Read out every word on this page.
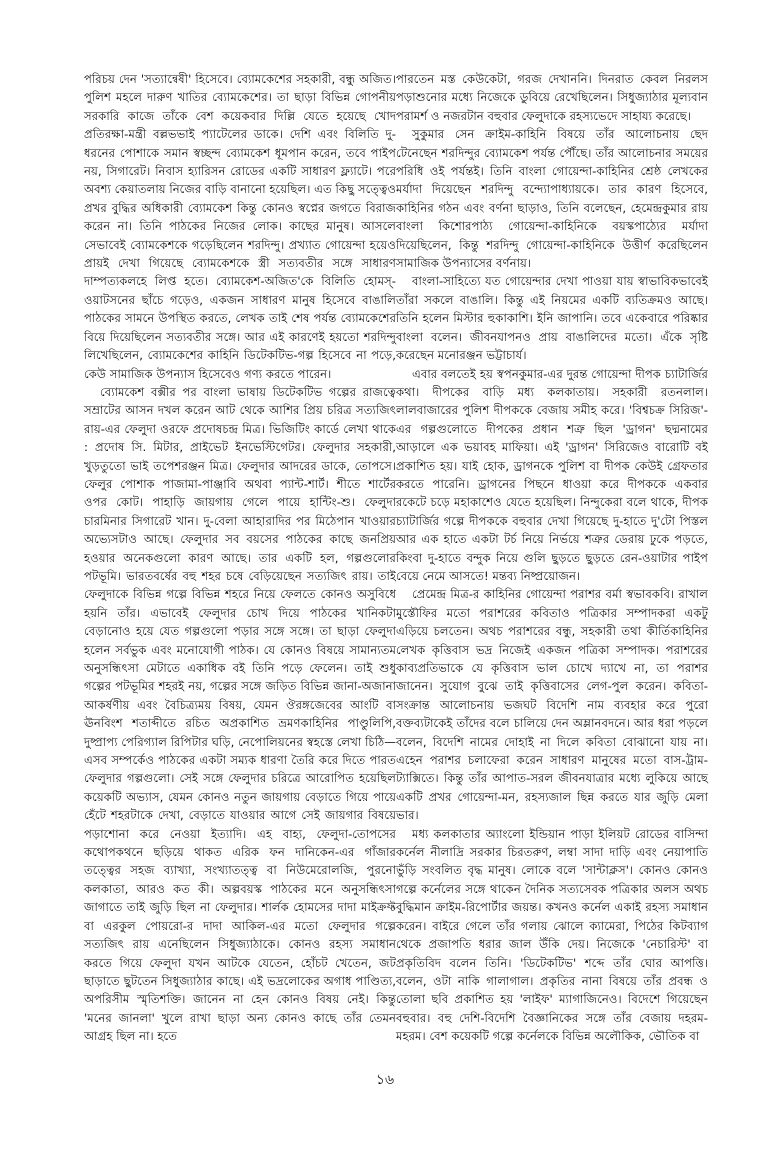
পরিচয় দেন 'সত্যান্বেষী' হিসেবে। ব্যোমকেশের সহকারী, বন্ধু অজিত। পুলিশ মহলে দারুণ খাতির ব্যোমকেশের। তা ছাড়া বিভিন্ন গোপনীয় সরকারি কাজে তাঁকে বেশ কয়েকবার দিল্লি যেতে হয়েছে খোদ প্রতিরক্ষা-মন্ত্রী বল্লভভাই প্যাটেলের ডাকে। দেশি এবং বিলিতি দু-ধরনের পোশাকে সমান স্বচ্ছন্দ ব্যোমকেশ ধূমপান করেন, তবে পাইপ নয়, সিগারেট। নিবাস হ্যারিসন রোডের একটি সাধারণ ফ্ল্যাটে। পরে অবশ্য কেয়াতলায় নিজের বাড়ি বানানো হয়েছিল। এত কিছু সত্ত্বেও প্রখর বুদ্ধির অধিকারী ব্যোমকেশ কিন্তু কোনও স্বপ্নের জগতে বিরাজ করেন না। তিনি পাঠকের নিজের লোক। কাছের মানুষ। আসলে সেভাবেই ব্যোমকেশকে গড়েছিলেন শরদিন্দু। প্রখ্যাত গোয়েন্দা হয়েও প্রায়ই দেখা গিয়েছে ব্যোমকেশকে স্ত্রী সত্যবতীর সঙ্গে সাধারণ দাম্পত্যকলহে লিপ্ত হতে। ব্যোমকেশ-অজিত'কে বিলিতি হোমস্‌-ওয়াটসনের ছাঁচে গড়েও, একজন সাধারণ মানুষ হিসেবে বাঙালি পাঠকের সামনে উপস্থিত করতে, লেখক তাই শেষ পর্যন্ত ব্যোমকেশের বিয়ে দিয়েছিলেন সত্যবতীর সঙ্গে। আর এই কারণেই হয়তো শরদিন্দু লিখেছিলেন, ব্যোমকেশের কাহিনি ডিটেকটিভ-গল্প হিসেবে না পড়ে, কেউ সামাজিক উপন্যাস হিসেবেও গণ্য করতে পারেন।

ব্যোমকেশ বক্সীর পর বাংলা ভাষায় ডিটেকটিভ গল্পের রাজত্বে সম্রাটের আসন দখল করেন আট থেকে আশির প্রিয় চরিত্র সত্যজিৎ রায়-এর ফেলুদা ওরফে প্রদোষচন্দ্র মিত্র। ভিজিটিং কার্ডে লেখা থাকে : প্রদোষ সি. মিটার, প্রাইভেট ইনভেস্টিগেটর। ফেলুদার সহকারী, খুড়তুতো ভাই তপেশরঞ্জন মিত্র। ফেলুদার আদরের ডাকে, তোপসে। ফেলুর পোশাক পাজামা-পাঞ্জাবি অথবা প্যান্ট-শার্ট। শীতে শার্টের ওপর কোট। পাহাড়ি জায়গায় গেলে পায়ে হান্টিং-শু। ফেলুদা চারমিনার সিগারেট খান। দু-বেলা আহারাদির পর মিঠেপান খাওয়ার অভ্যেসটাও আছে। ফেলুদার সব বয়সের পাঠকের কাছে জনপ্রিয় হওয়ার অনেকগুলো কারণ আছে। তার একটি হল, গল্পগুলোর পটভূমি। ভারতবর্ষের বহু শহর চষে বেড়িয়েছেন সত্যজিৎ রায়। তাই ফেলুদাকে বিভিন্ন গল্পে বিভিন্ন শহরে নিয়ে ফেলতে কোনও অসুবিধে হয়নি তাঁর। এভাবেই ফেলুদার চোখ দিয়ে পাঠকের খানিকটা বেড়ানোও হয়ে যেত গল্পগুলো পড়ার সঙ্গে সঙ্গে। তা ছাড়া ফেলুদা হলেন সর্বভুক এবং মনোযোগী পাঠক। যে কোনও বিষয়ে সামান্যতম অনুসন্ধিৎসা মেটাতে একাধিক বই তিনি পড়ে ফেলেন। তাই শুধু গল্পের পটভূমির শহরই নয়, গল্পের সঙ্গে জড়িত বিভিন্ন জানা-অজানা আকর্ষণীয় এবং বৈচিত্র্যময় বিষয়, যেমন ঔরঙ্গজেবের আংটি বা ঊনবিংশ শতাব্দীতে রচিত অপ্রকাশিত ভ্রমণকাহিনির পাণ্ডুলিপি, দুষ্প্রাপ্য পেরিগ্যাল রিপিটার ঘড়ি, নেপোলিয়নের স্বহস্তে লেখা চিঠি—এসব সম্পর্কেও পাঠকের একটা সম্যক ধারণা তৈরি করে দিতে পারত ফেলুদার গল্পগুলো। সেই সঙ্গে ফেলুদার চরিত্রে আরোপিত হয়েছিল কয়েকটি অভ্যাস, যেমন কোনও নতুন জায়গায় বেড়াতে গিয়ে পায়ে হেঁটে শহরটাকে দেখা, বেড়াতে যাওয়ার আগে সেই জায়গার বিষয়ে পড়াশোনা করে নেওয়া ইত্যাদি। এহ বাহ্য, ফেলুদা-তোপসের কথোপকথনে ছড়িয়ে থাকত এরিক ফন দানিকেন-এর গাঁজার তত্ত্বের সহজ ব্যাখ্যা, সংখ্যাতত্ত্ব বা নিউমেরোলজি, পুরনো কলকাতা, আরও কত কী। অল্পবয়স্ক পাঠকের মনে অনুসন্ধিৎসা জাগাতে তাই জুড়ি ছিল না ফেলুদার। শার্লক হোমসের দাদা মাইক্রফ্ট বা এরকুল পোয়রো-র দাদা আকিল-এর মতো ফেলুদার গল্পে সত্যজিৎ রায় এনেছিলেন সিধুজ্যাঠাকে। কোনও রহস্য সমাধান করতে গিয়ে ফেলুদা যখন আটকে যেতেন, হোঁচট খেতেন, জট ছাড়াতে ছুটতেন সিধুজ্যাঠার কাছে। এই ভদ্রলোকের অগাধ পাণ্ডিত্য, অপরিসীম স্মৃতিশক্তি। জানেন না হেন কোনও বিষয় নেই। কিন্তু 'মনের জানলা' খুলে রাখা ছাড়া অন্য কোনও কাছে তাঁর তেমন আগ্রহ ছিল না। হতে

পারতেন মস্ত কেউকেটা, গরজ দেখাননি। দিনরাত কেবল নিরলস পড়াশুনোর মধ্যে নিজেকে ডুবিয়ে রেখেছিলেন। সিধুজ্যাঠার মূল্যবান পরামর্শ ও নজরটান বহুবার ফেলুদাকে রহস্যভেদে সাহায্য করেছে।

সুকুমার সেন ক্রাইম-কাহিনি বিষয়ে তাঁর আলোচনায় ছেদ টেনেছেন শরদিন্দুর ব্যোমকেশ পর্যন্ত পৌঁছে। তাঁর আলোচনার সময়ের পরিধি ওই পর্যন্তই। তিনি বাংলা গোয়েন্দা-কাহিনির শ্রেষ্ঠ লেখকের মর্যাদা দিয়েছেন শরদিন্দু বন্দ্যোপাধ্যায়কে। তার কারণ হিসেবে, কাহিনির গঠন এবং বর্ণনা ছাড়াও, তিনি বলেছেন, হেমেন্দ্রকুমার রায় বাংলা কিশোরপাঠ্য গোয়েন্দা-কাহিনিকে বয়স্কপাঠ্যের মর্যাদা দিয়েছিলেন, কিন্তু শরদিন্দু গোয়েন্দা-কাহিনিকে উত্তীর্ণ করেছিলেন সামাজিক উপন্যাসের বর্ণনায়।

বাংলা-সাহিত্যে যত গোয়েন্দার দেখা পাওয়া যায় স্বাভাবিকভাবেই তাঁরা সকলে বাঙালি। কিন্তু এই নিয়মের একটি ব্যতিক্রমও আছে। তিনি হলেন মিস্টার হুকাকাশি। ইনি জাপানি। তবে একেবারে পরিষ্কার বাংলা বলেন। জীবনযাপনও প্রায় বাঙালিদের মতো। এঁকে সৃষ্টি করেছেন মনোরঞ্জন ভট্টাচার্য।

এবার বলতেই হয় স্বপনকুমার-এর দুরন্ত গোয়েন্দা দীপক চ্যাটার্জির কথা। দীপকের বাড়ি মধ্য কলকাতায়। সহকারী রতনলাল। লালবাজারের পুলিশ দীপককে বেজায় সমীহ করে। 'বিশ্বচক্র সিরিজ'-এর গল্পগুলোতে দীপকের প্রধান শত্রু ছিল 'ড্রাগন' ছদ্মনামের আড়ালে এক ভয়াবহ মাফিয়া। এই 'ড্রাগন' সিরিজেও বারোটি বই প্রকাশিত হয়। যাই হোক, ড্রাগনকে পুলিশ বা দীপক কেউই গ্রেফতার করতে পারেনি। ড্রাগনের পিছনে ধাওয়া করে দীপককে একবার রকেটে চড়ে মহাকাশেও যেতে হয়েছিল। নিন্দুকেরা বলে থাকে, দীপক চ্যাটার্জির গল্পে দীপককে বহুবার দেখা গিয়েছে দু-হাতে দু'টো পিস্তল আর এক হাতে একটা টর্চ নিয়ে নির্ভয়ে শত্রুর ডেরায় ঢুকে পড়তে, কিংবা দু-হাতে বন্দুক নিয়ে গুলি ছুড়তে ছুড়তে রেন-ওয়াটার পাইপ বেয়ে নেমে আসতে! মন্তব্য নিষ্প্রয়োজন।

প্রেমেন্দ্র মিত্র-র কাহিনির গোয়েন্দা পরাশর বর্মা স্বভাবকবি। রাখাল মুস্তৌফির মতো পরাশরের কবিতাও পত্রিকার সম্পাদকরা একটু এড়িয়ে চলতেন। অথচ পরাশরের বন্ধু, সহকারী তথা কীর্তিকাহিনির লেখক কৃত্তিবাস ভদ্র নিজেই একজন পত্রিকা সম্পাদক। পরাশরের কাব্যপ্রতিভাকে যে কৃত্তিবাস ভাল চোখে দ্যাখে না, তা পরাশর জানেন। সুযোগ বুঝে তাই কৃত্তিবাসের লেগ-পুল করেন। কবিতা-সংক্রান্ত আলোচনায় ভজঘট বিদেশি নাম ব্যবহার করে পুরো বক্তব্যটাকেই তাঁদের বলে চালিয়ে দেন অম্লানবদনে। আর ধরা পড়লে বলেন, বিদেশি নামের দোহাই না দিলে কবিতা বোঝানো যায় না। এহেন পরাশর চলাফেরা করেন সাধারণ মানুষের মতো বাস-ট্রাম-ট্যাক্সিতে। কিন্তু তাঁর আপাত-সরল জীবনযাত্রার মধ্যে লুকিয়ে আছে একটি প্রখর গোয়েন্দা-মন, রহস্যজাল ছিন্ন করতে যার জুড়ি মেলা ভার।

মধ্য কলকাতার অ্যাংলো ইন্ডিয়ান পাড়া ইলিয়ট রোডের বাসিন্দা কর্নেল নীলাদ্রি সরকার চিরতরুণ, লম্বা সাদা দাড়ি এবং নেয়াপাতি ভুঁড়ি সংবলিত বৃদ্ধ মানুষ। লোকে বলে 'সান্টাক্লস'। কোনও কোনও গল্পে কর্নেলের সঙ্গে থাকেন দৈনিক সত্যসেবক পত্রিকার অলস অথচ বুদ্ধিমান ক্রাইম-রিপোর্টার জয়ন্ত। কখনও কর্নেল একাই রহস্য সমাধান করেন। বাইরে গেলে তাঁর গলায় ঝোলে ক্যামেরা, পিঠের কিটব্যাগ থেকে প্রজাপতি ধরার জাল উঁকি দেয়। নিজেকে 'নেচারিস্ট' বা প্রকৃতিবিদ বলেন তিনি। 'ডিটেকটিভ' শব্দে তাঁর ঘোর আপত্তি। বলেন, ওটা নাকি গালাগাল। প্রকৃতির নানা বিষয়ে তাঁর প্রবন্ধ ও তোলা ছবি প্রকাশিত হয় 'লাইফ' ম্যাগাজিনেও। বিদেশে গিয়েছেন বহুবার। বহু দেশি-বিদেশি বৈজ্ঞানিকের সঙ্গে তাঁর বেজায় দহরম-মহরম। বেশ কয়েকটি গল্পে কর্নেলকে বিভিন্ন অলৌকিক, ভৌতিক বা

১৬
